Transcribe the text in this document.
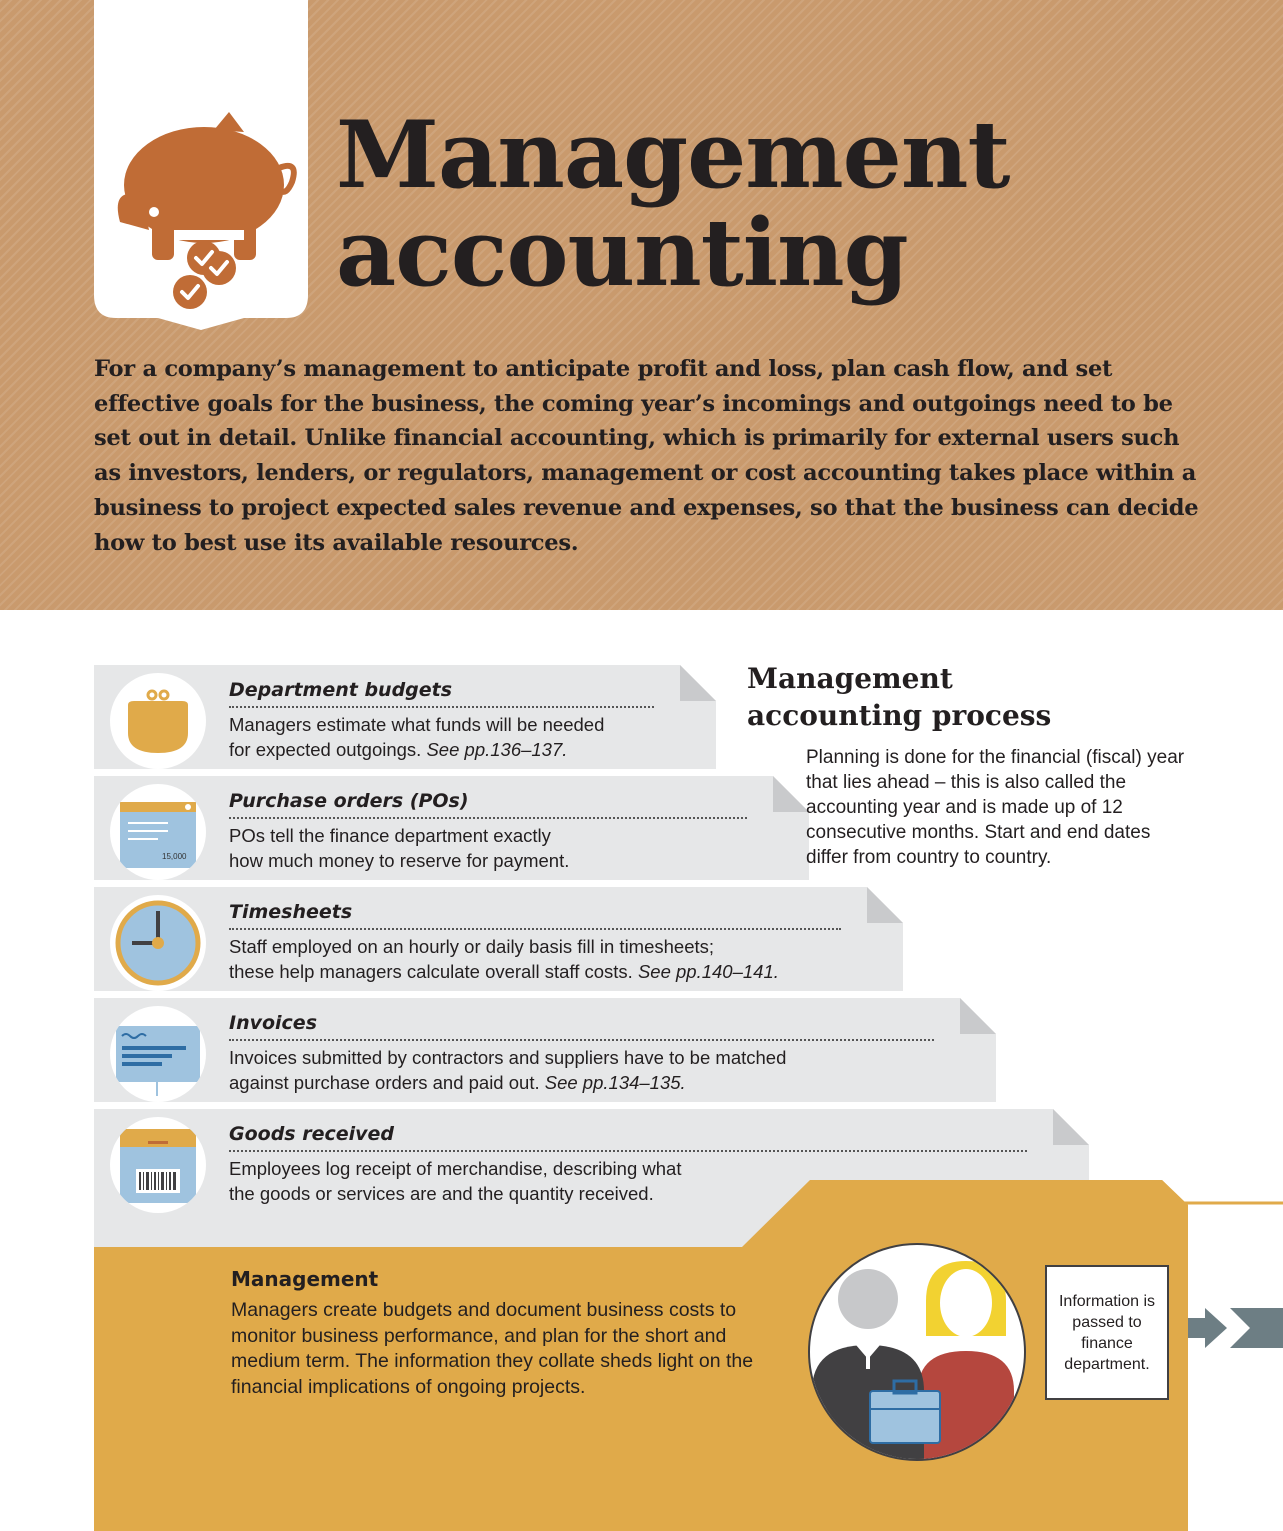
Management
accounting

For a company’s management to anticipate profit and loss, plan cash flow, and set effective goals for the business, the coming year’s incomings and outgoings need to be set out in detail. Unlike financial accounting, which is primarily for external users such as investors, lenders, or regulators, management or cost accounting takes place within a business to project expected sales revenue and expenses, so that the business can decide how to best use its available resources.

Department budgets

Managers estimate what funds will be needed
for expected outgoings. See pp.136–137.

15,000

Purchase orders (POs)

POs tell the finance department exactly
how much money to reserve for payment.

Timesheets

Staff employed on an hourly or daily basis fill in timesheets;
these help managers calculate overall staff costs. See pp.140–141.

Invoices

Invoices submitted by contractors and suppliers have to be matched
against purchase orders and paid out. See pp.134–135.

Goods received

Employees log receipt of merchandise, describing what
the goods or services are and the quantity received.

Management
accounting process

Planning is done for the financial (fiscal) year that lies ahead – this is also called the accounting year and is made up of 12 consecutive months. Start and end dates differ from country to country.

Management

Managers create budgets and document business costs to monitor business performance, and plan for the short and medium term. The information they collate sheds light on the financial implications of ongoing projects.

Information is passed to finance department.
